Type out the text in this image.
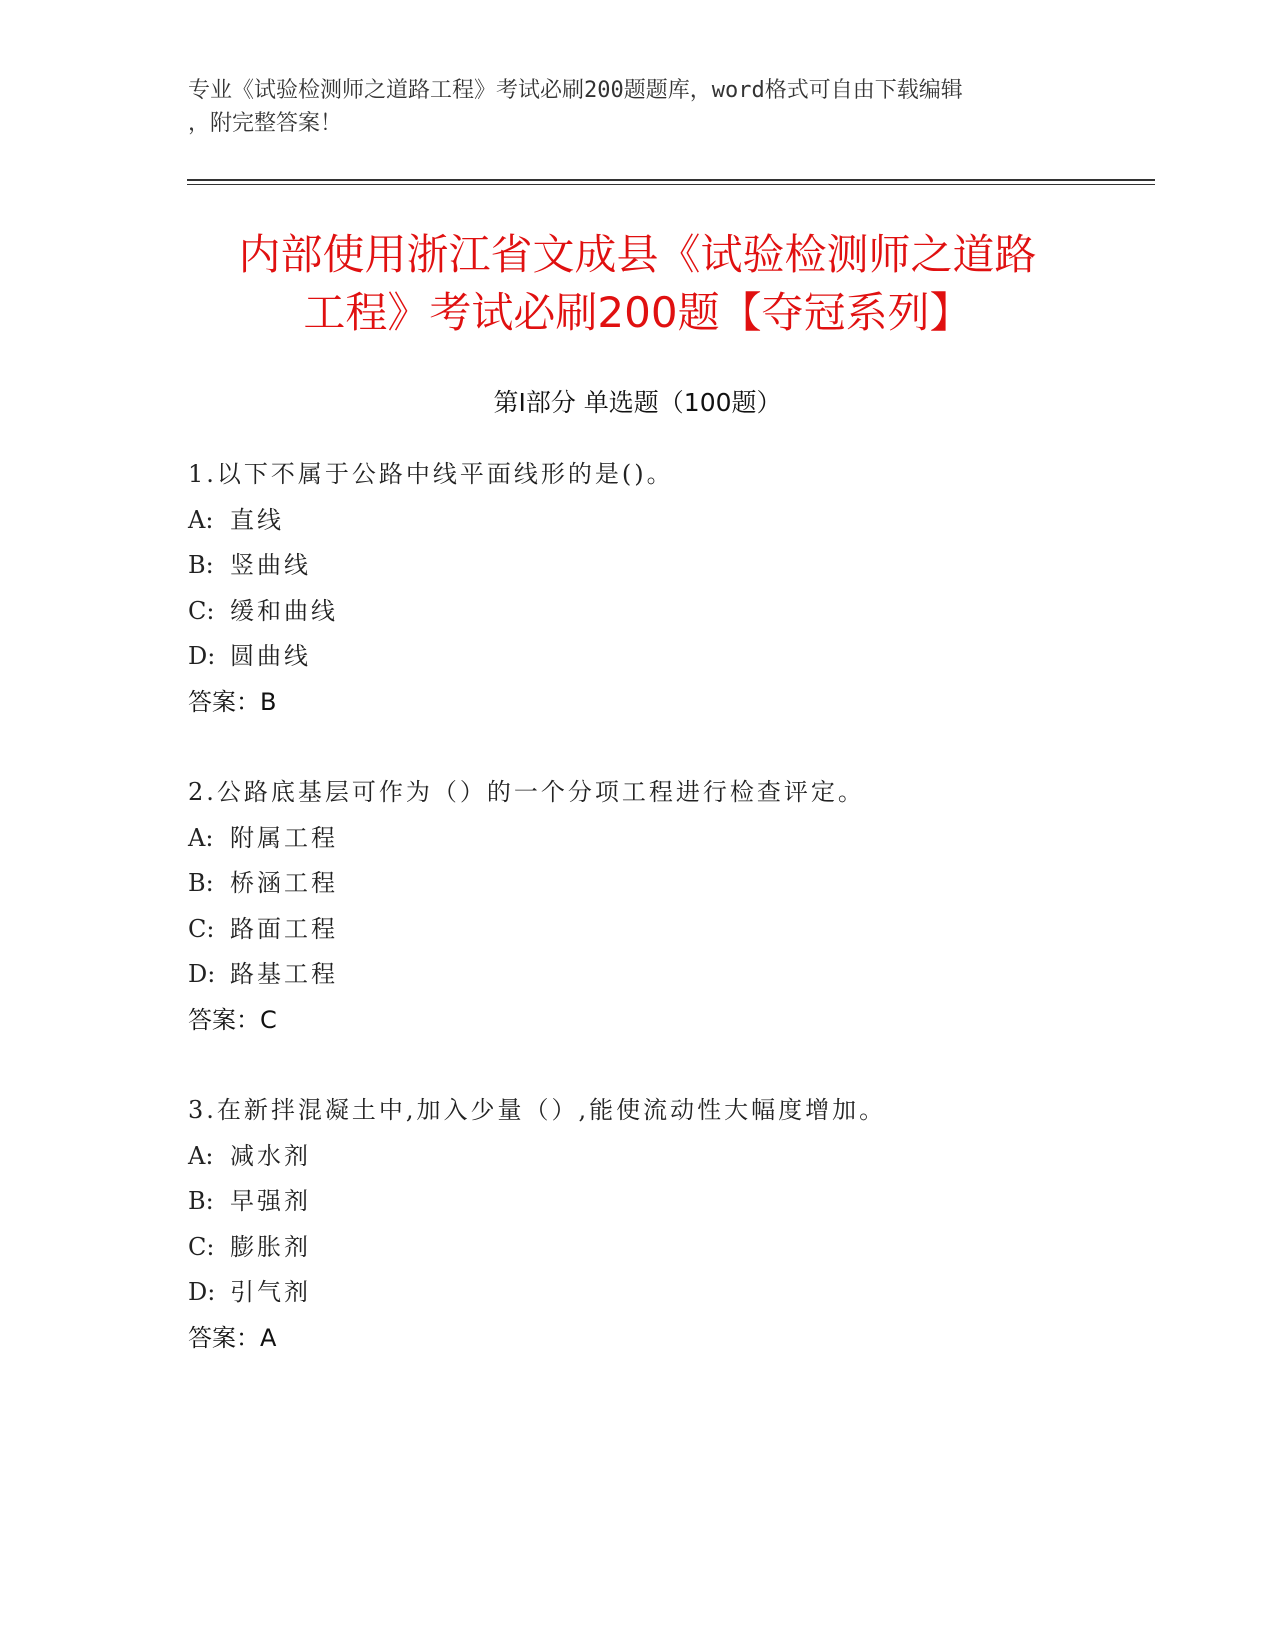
专业《试验检测师之道路工程》考试必刷200题题库，word格式可自由下载编辑
，附完整答案！
内部使用浙江省文成县《试验检测师之道路
工程》考试必刷200题【夺冠系列】
第Ⅰ部分 单选题（100题）
1.以下不属于公路中线平面线形的是()。
A: 直线
B: 竖曲线
C: 缓和曲线
D: 圆曲线
答案：B
2.公路底基层可作为（）的一个分项工程进行检查评定。
A: 附属工程
B: 桥涵工程
C: 路面工程
D: 路基工程
答案：C
3.在新拌混凝土中,加入少量（）,能使流动性大幅度增加。
A: 减水剂
B: 早强剂
C: 膨胀剂
D: 引气剂
答案：A
